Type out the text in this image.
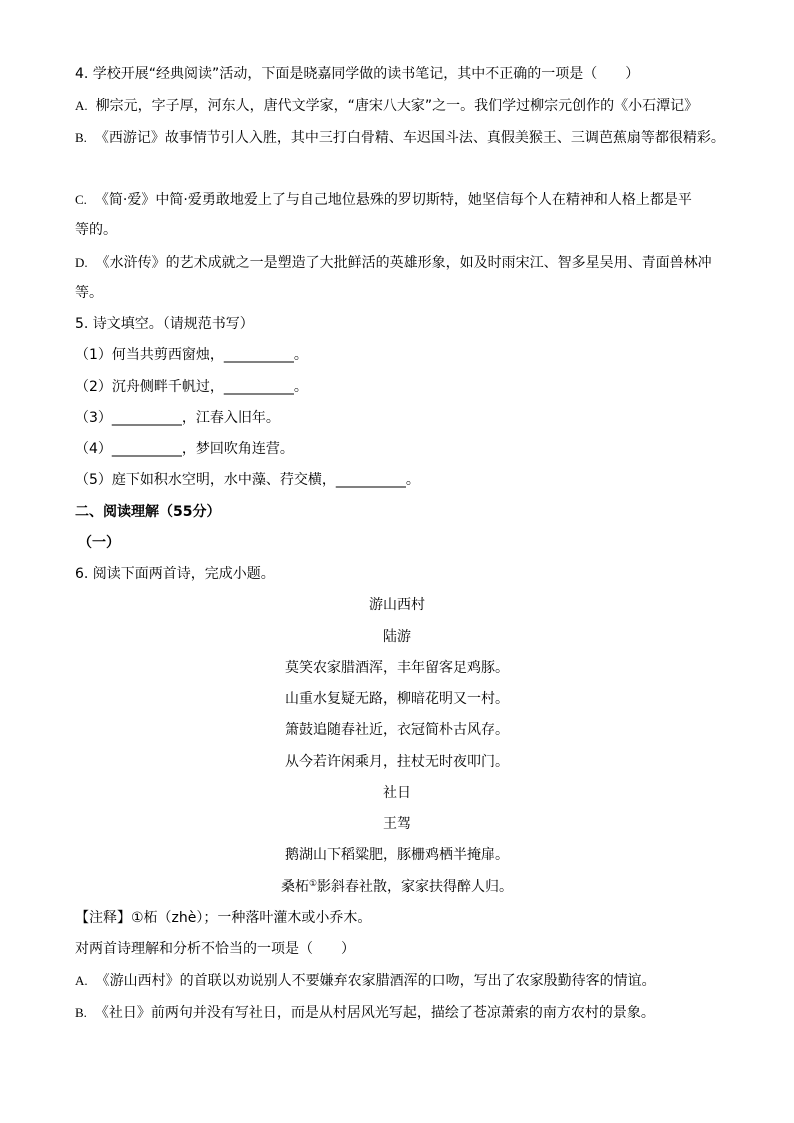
4. 学校开展“经典阅读”活动，下面是晓嘉同学做的读书笔记，其中不正确的一项是（　　）
A. 柳宗元，字子厚，河东人，唐代文学家，“唐宋八大家”之一。我们学过柳宗元创作的《小石潭记》
B. 《西游记》故事情节引人入胜，其中三打白骨精、车迟国斗法、真假美猴王、三调芭蕉扇等都很精彩。
C. 《简·爱》中简·爱勇敢地爱上了与自己地位悬殊的罗切斯特，她坚信每个人在精神和人格上都是平
等的。
D. 《水浒传》的艺术成就之一是塑造了大批鲜活的英雄形象，如及时雨宋江、智多星吴用、青面兽林冲
等。
5. 诗文填空。（请规范书写）
（1）何当共剪西窗烛，__________。
（2）沉舟侧畔千帆过，__________。
（3）__________，江春入旧年。
（4）__________，梦回吹角连营。
（5）庭下如积水空明，水中藻、荇交横，__________。
二、阅读理解（55分）
（一）
6. 阅读下面两首诗，完成小题。
游山西村
陆游
莫笑农家腊酒浑，丰年留客足鸡豚。
山重水复疑无路，柳暗花明又一村。
箫鼓追随春社近，衣冠简朴古风存。
从今若许闲乘月，拄杖无时夜叩门。
社日
王驾
鹅湖山下稻粱肥，豚栅鸡栖半掩扉。
桑柘①影斜春社散，家家扶得醉人归。
【注释】①柘（zhè）；一种落叶灌木或小乔木。
对两首诗理解和分析不恰当的一项是（　　）
A. 《游山西村》的首联以劝说别人不要嫌弃农家腊酒浑的口吻，写出了农家殷勤待客的情谊。
B. 《社日》前两句并没有写社日，而是从村居风光写起，描绘了苍凉萧索的南方农村的景象。
